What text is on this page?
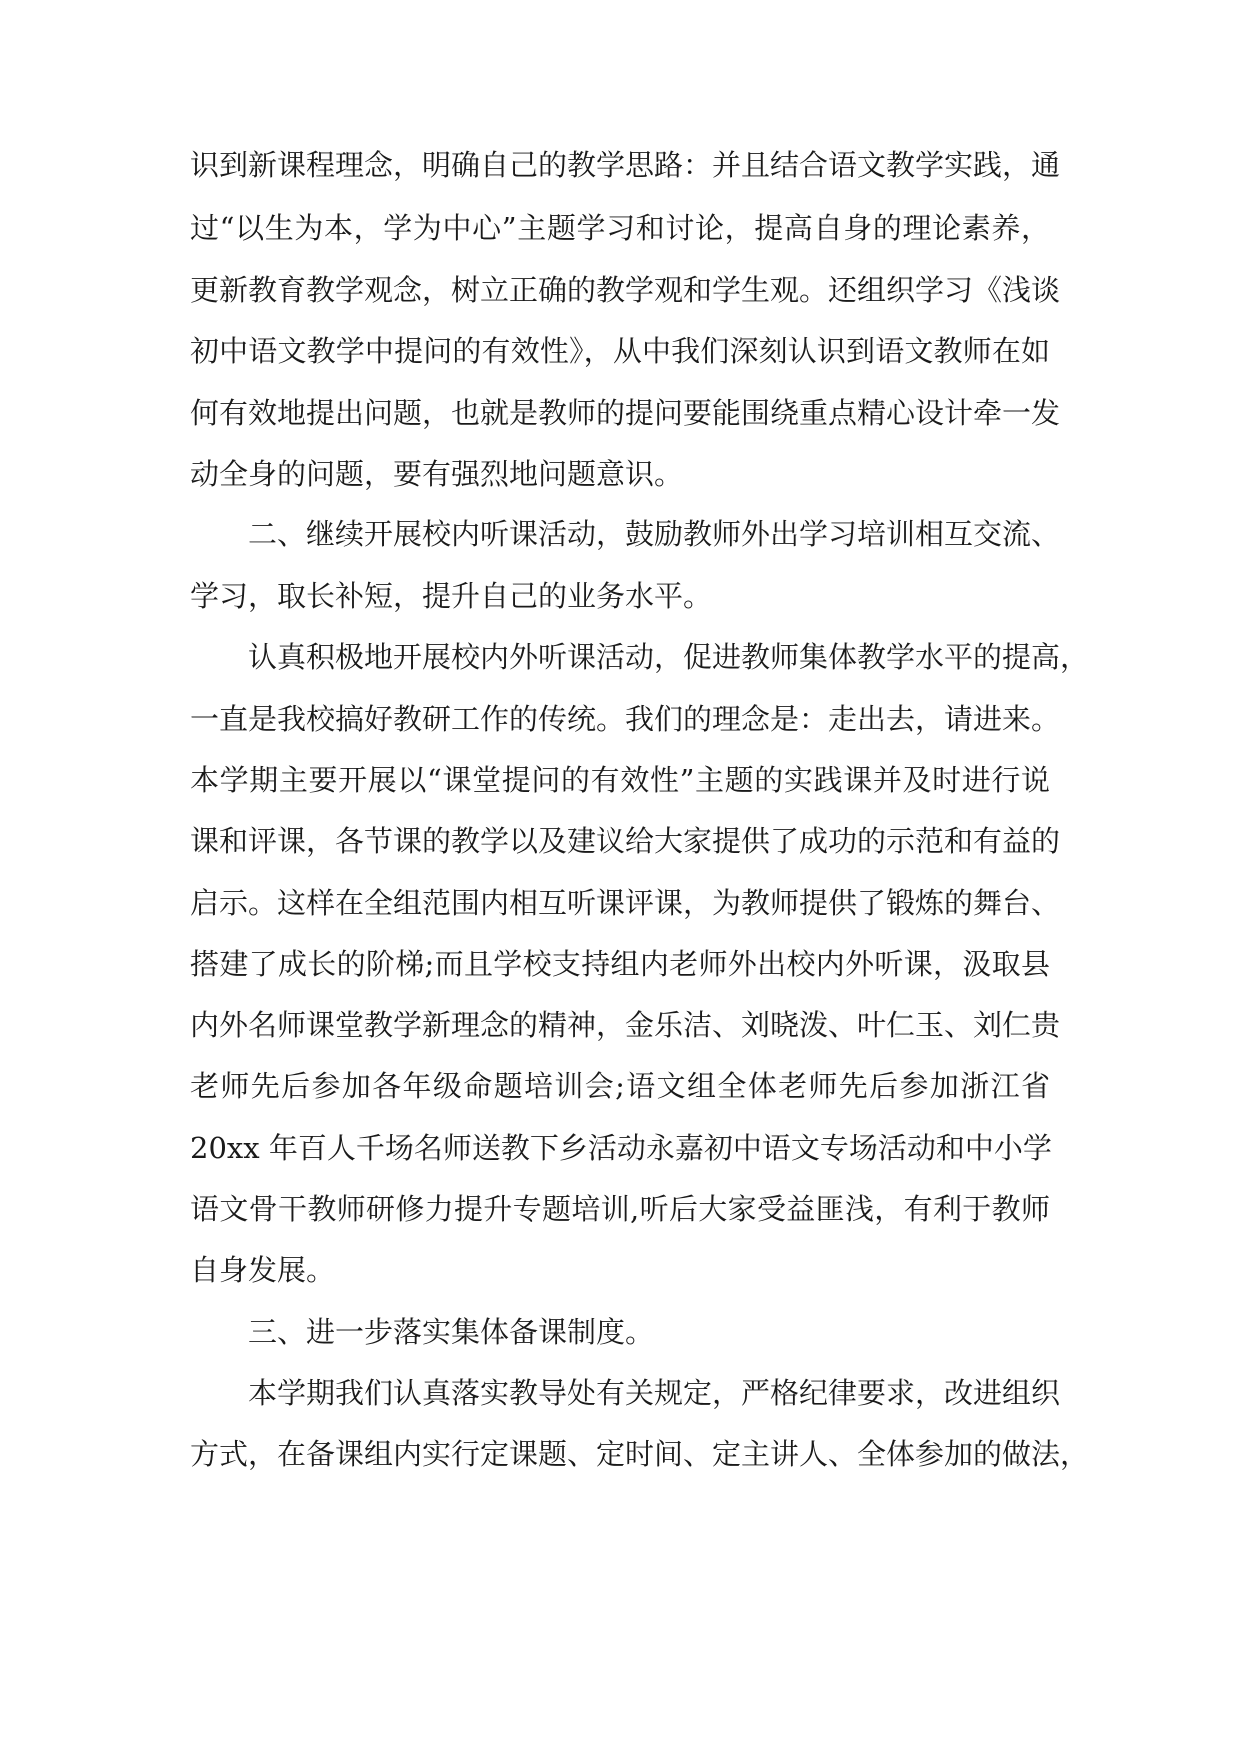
识到新课程理念，明确自己的教学思路：并且结合语文教学实践，通
过“以生为本，学为中心”主题学习和讨论，提高自身的理论素养，
更新教育教学观念，树立正确的教学观和学生观。还组织学习《浅谈
初中语文教学中提问的有效性》，从中我们深刻认识到语文教师在如
何有效地提出问题，也就是教师的提问要能围绕重点精心设计牵一发
动全身的问题，要有强烈地问题意识。
二、继续开展校内听课活动，鼓励教师外出学习培训相互交流、
学习，取长补短，提升自己的业务水平。
认真积极地开展校内外听课活动，促进教师集体教学水平的提高，
一直是我校搞好教研工作的传统。我们的理念是：走出去，请进来。
本学期主要开展以“课堂提问的有效性”主题的实践课并及时进行说
课和评课，各节课的教学以及建议给大家提供了成功的示范和有益的
启示。这样在全组范围内相互听课评课，为教师提供了锻炼的舞台、
搭建了成长的阶梯;而且学校支持组内老师外出校内外听课，汲取县
内外名师课堂教学新理念的精神，金乐洁、刘晓泼、叶仁玉、刘仁贵
老师先后参加各年级命题培训会;语文组全体老师先后参加浙江省
20xx 年百人千场名师送教下乡活动永嘉初中语文专场活动和中小学
语文骨干教师研修力提升专题培训,听后大家受益匪浅，有利于教师
自身发展。
三、进一步落实集体备课制度。
本学期我们认真落实教导处有关规定，严格纪律要求，改进组织
方式，在备课组内实行定课题、定时间、定主讲人、全体参加的做法，
